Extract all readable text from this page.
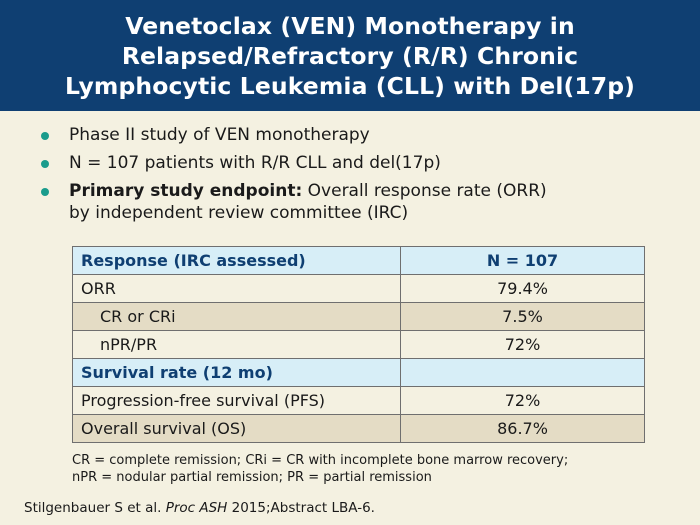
Venetoclax (VEN) Monotherapy in
Relapsed/Refractory (R/R) Chronic
Lymphocytic Leukemia (CLL) with Del(17p)
Phase II study of VEN monotherapy
N = 107 patients with R/R CLL and del(17p)
Primary study endpoint: Overall response rate (ORR)
by independent review committee (IRC)
Response (IRC assessed)	N = 107
ORR	79.4%
CR or CRi	7.5%
nPR/PR	72%
Survival rate (12 mo)	
Progression-free survival (PFS)	72%
Overall survival (OS)	86.7%
CR = complete remission; CRi = CR with incomplete bone marrow recovery;
nPR = nodular partial remission; PR = partial remission
Stilgenbauer S et al. Proc ASH 2015;Abstract LBA-6.
